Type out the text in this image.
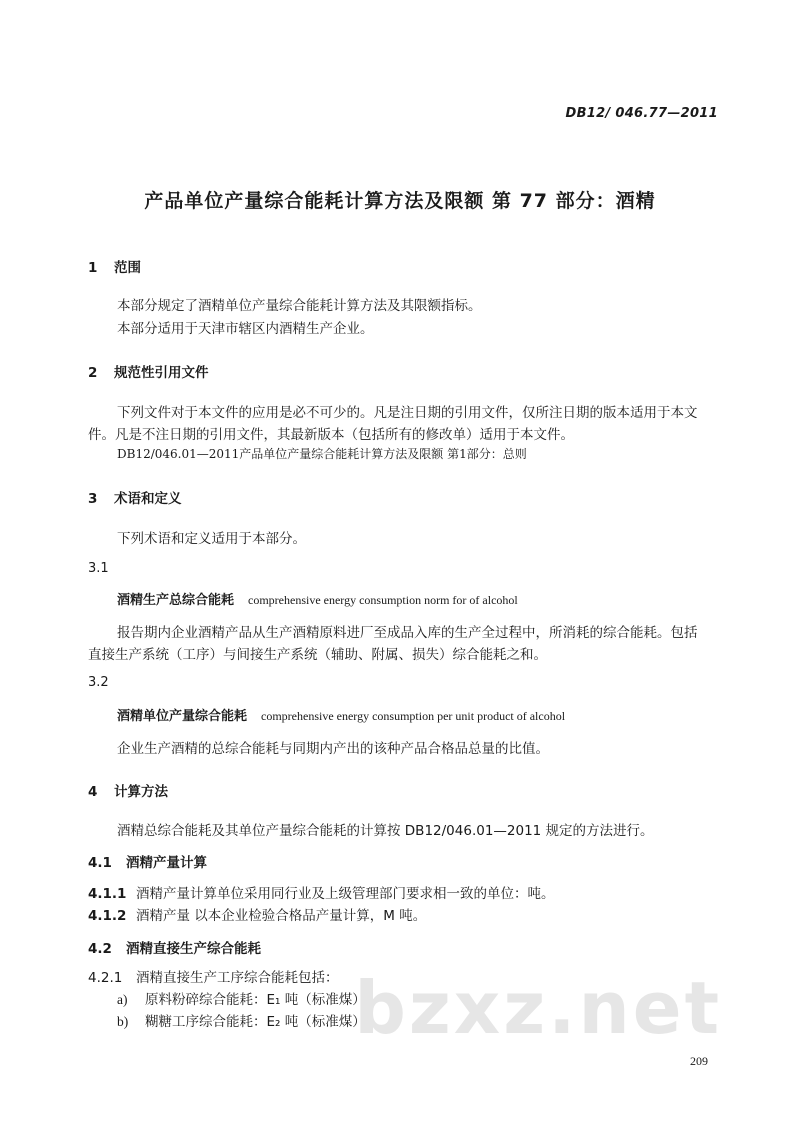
DB12/ 046.77—2011
产品单位产量综合能耗计算方法及限额 第 77 部分：酒精
1 范围
本部分规定了酒精单位产量综合能耗计算方法及其限额指标。
本部分适用于天津市辖区内酒精生产企业。
2 规范性引用文件
下列文件对于本文件的应用是必不可少的。凡是注日期的引用文件，仅所注日期的版本适用于本文
件。凡是不注日期的引用文件，其最新版本（包括所有的修改单）适用于本文件。
DB12/046.01—2011产品单位产量综合能耗计算方法及限额 第1部分：总则
3 术语和定义
下列术语和定义适用于本部分。
3.1
酒精生产总综合能耗 comprehensive energy consumption norm for of alcohol
报告期内企业酒精产品从生产酒精原料进厂至成品入库的生产全过程中，所消耗的综合能耗。包括
直接生产系统（工序）与间接生产系统（辅助、附属、损失）综合能耗之和。
3.2
酒精单位产量综合能耗 comprehensive energy consumption per unit product of alcohol
企业生产酒精的总综合能耗与同期内产出的该种产品合格品总量的比值。
4 计算方法
酒精总综合能耗及其单位产量综合能耗的计算按 DB12/046.01—2011 规定的方法进行。
4.1 酒精产量计算
4.1.1 酒精产量计算单位采用同行业及上级管理部门要求相一致的单位：吨。
4.1.2 酒精产量 以本企业检验合格品产量计算，M 吨。
4.2 酒精直接生产综合能耗
4.2.1 酒精直接生产工序综合能耗包括：
a) 原料粉碎综合能耗：E₁ 吨（标准煤）；
b) 糊糖工序综合能耗：E₂ 吨（标准煤）；
bzxz.net
209
